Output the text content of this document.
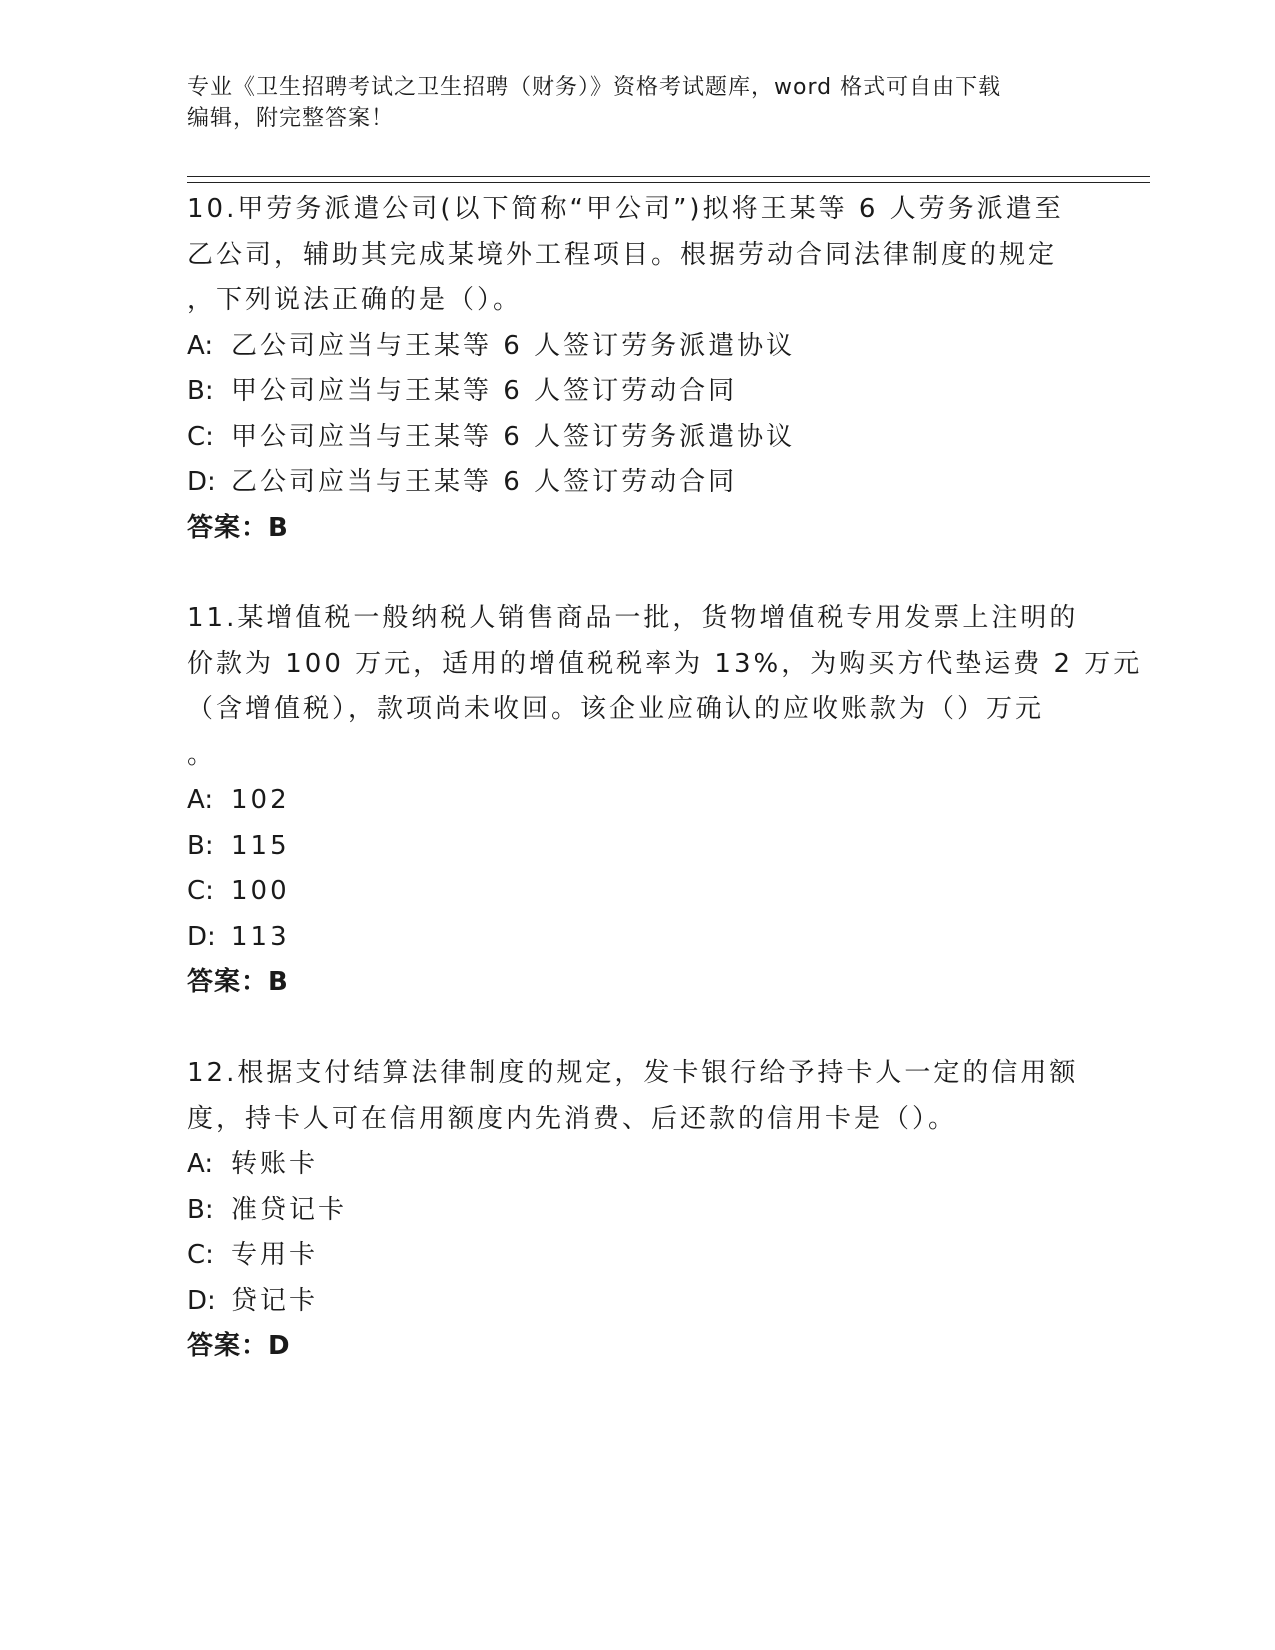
专业《卫生招聘考试之卫生招聘（财务）》资格考试题库，word 格式可自由下载
编辑，附完整答案！
10.甲劳务派遣公司(以下简称“甲公司”)拟将王某等 6 人劳务派遣至
乙公司，辅助其完成某境外工程项目。根据劳动合同法律制度的规定
，下列说法正确的是（）。
A: 乙公司应当与王某等 6 人签订劳务派遣协议
B: 甲公司应当与王某等 6 人签订劳动合同
C: 甲公司应当与王某等 6 人签订劳务派遣协议
D: 乙公司应当与王某等 6 人签订劳动合同
答案：B
11.某增值税一般纳税人销售商品一批，货物增值税专用发票上注明的
价款为 100 万元，适用的增值税税率为 13%，为购买方代垫运费 2 万元
（含增值税），款项尚未收回。该企业应确认的应收账款为（）万元
。
A: 102
B: 115
C: 100
D: 113
答案：B
12.根据支付结算法律制度的规定，发卡银行给予持卡人一定的信用额
度，持卡人可在信用额度内先消费、后还款的信用卡是（）。
A: 转账卡
B: 准贷记卡
C: 专用卡
D: 贷记卡
答案：D
